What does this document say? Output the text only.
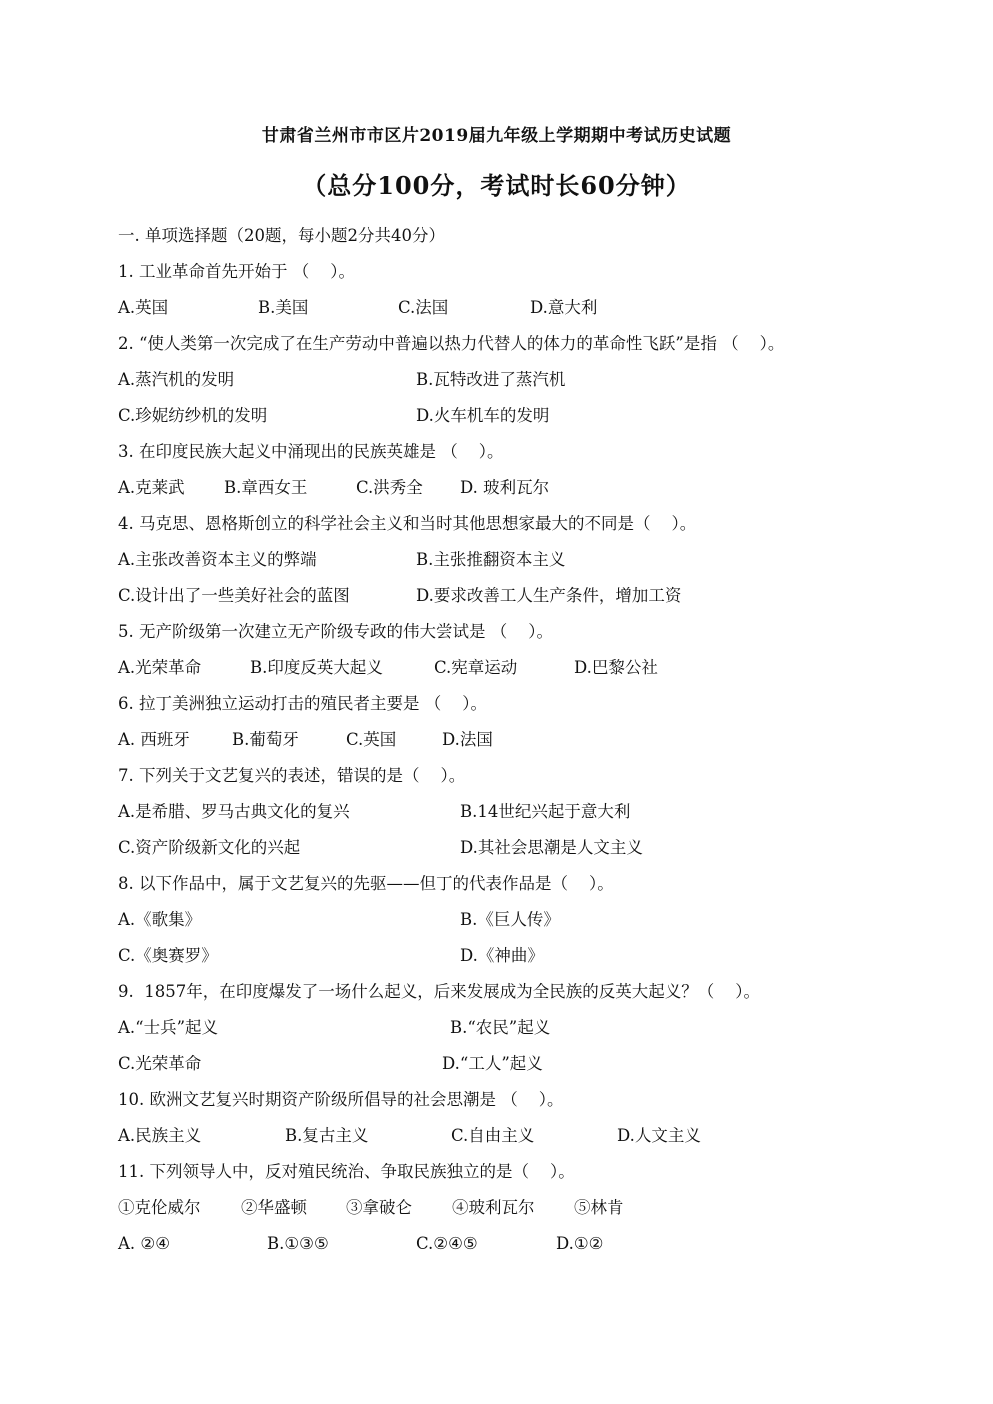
甘肃省兰州市市区片2019届九年级上学期期中考试历史试题
（总分100分，考试时长60分钟）
一. 单项选择题（20题，每小题2分共40分）
1. 工业革命首先开始于 （    ）。
A.英国	B.美国	C.法国	D.意大利
2. “使人类第一次完成了在生产劳动中普遍以热力代替人的体力的革命性飞跃”是指 （    ）。
A.蒸汽机的发明	B.瓦特改进了蒸汽机
C.珍妮纺纱机的发明	D.火车机车的发明
3. 在印度民族大起义中涌现出的民族英雄是 （    ）。
A.克莱武 B.章西女王	C.洪秀全 D. 玻利瓦尔
4. 马克思、恩格斯创立的科学社会主义和当时其他思想家最大的不同是（    ）。
A.主张改善资本主义的弊端	B.主张推翻资本主义
C.设计出了一些美好社会的蓝图	D.要求改善工人生产条件，增加工资
5. 无产阶级第一次建立无产阶级专政的伟大尝试是 （    ）。
A.光荣革命	B.印度反英大起义	C.宪章运动	D.巴黎公社
6. 拉丁美洲独立运动打击的殖民者主要是 （    ）。
A. 西班牙	B.葡萄牙	C.英国	D.法国
7. 下列关于文艺复兴的表述，错误的是（    ）。
A.是希腊、罗马古典文化的复兴	B.14世纪兴起于意大利
C.资产阶级新文化的兴起	D.其社会思潮是人文主义
8. 以下作品中，属于文艺复兴的先驱——但丁的代表作品是（    ）。
A.《歌集》	B.《巨人传》
C.《奥赛罗》	D.《神曲》
9.  1857年，在印度爆发了一场什么起义，后来发展成为全民族的反英大起义？（    ）。
A.“士兵”起义	B.“农民”起义
C.光荣革命	D.“工人”起义
10. 欧洲文艺复兴时期资产阶级所倡导的社会思潮是 （    ）。
A.民族主义	B.复古主义	C.自由主义	D.人文主义
11. 下列领导人中，反对殖民统治、争取民族独立的是（    ）。
①克伦威尔 ②华盛顿 ③拿破仑 ④玻利瓦尔 ⑤林肯
A. ②④	B.①③⑤	C.②④⑤	D.①②
